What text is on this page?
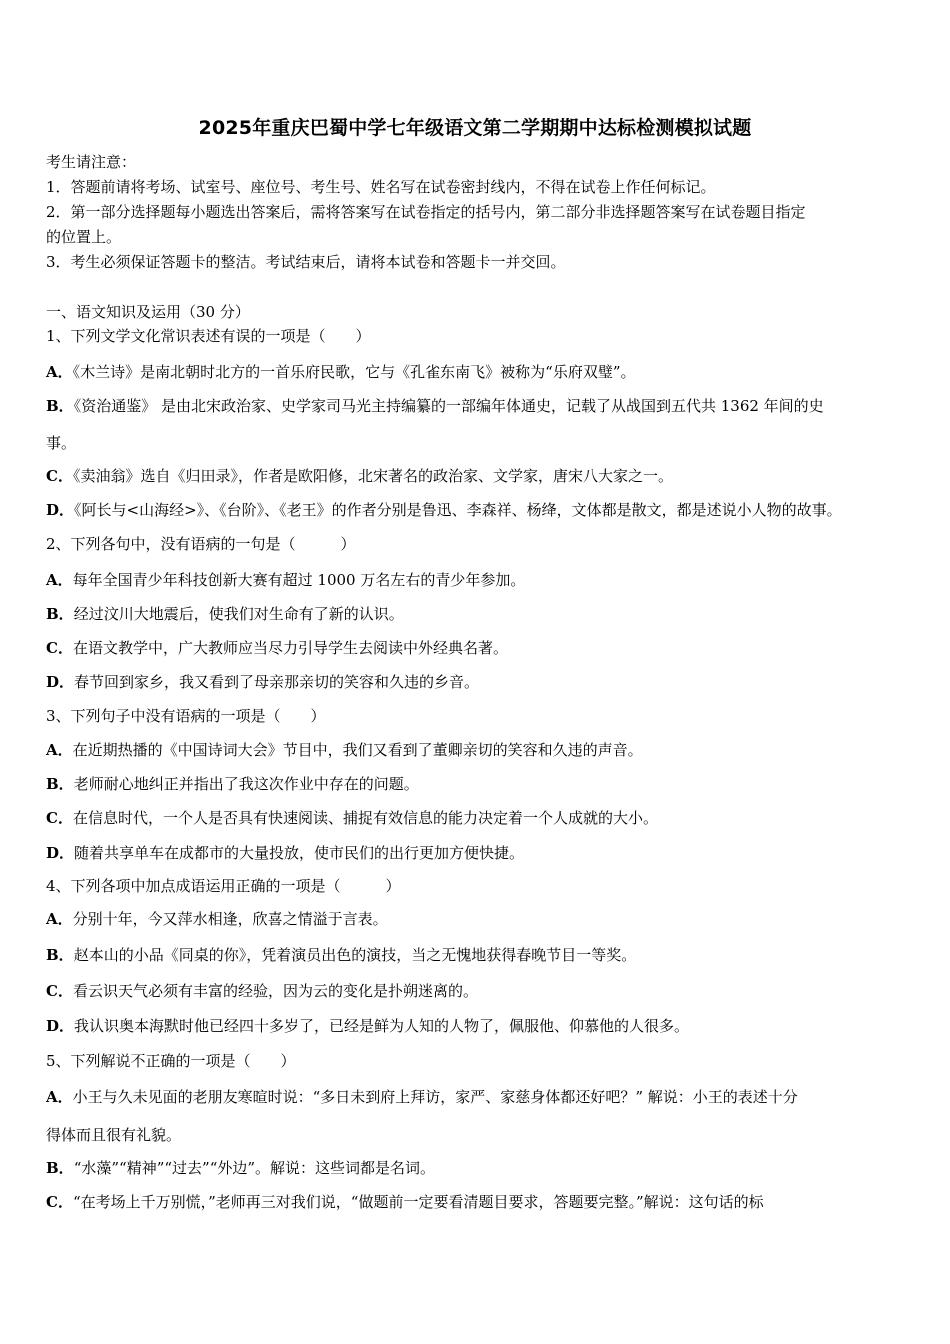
2025年重庆巴蜀中学七年级语文第二学期期中达标检测模拟试题
考生请注意：
1．答题前请将考场、试室号、座位号、考生号、姓名写在试卷密封线内，不得在试卷上作任何标记。
2．第一部分选择题每小题选出答案后，需将答案写在试卷指定的括号内，第二部分非选择题答案写在试卷题目指定
的位置上。
3．考生必须保证答题卡的整洁。考试结束后，请将本试卷和答题卡一并交回。
一、语文知识及运用（30 分）
1、下列文学文化常识表述有误的一项是（　　）
A．《木兰诗》是南北朝时北方的一首乐府民歌，它与《孔雀东南飞》被称为“乐府双璧”。
B．《资治通鉴》 是由北宋政治家、史学家司马光主持编纂的一部编年体通史，记载了从战国到五代共 1362 年间的史
事。
C．《卖油翁》选自《归田录》，作者是欧阳修，北宋著名的政治家、文学家，唐宋八大家之一。
D．《阿长与<山海经>》、《台阶》、《老王》的作者分别是鲁迅、李森祥、杨绛，文体都是散文，都是述说小人物的故事。
2、下列各句中，没有语病的一句是（　　　）
A．每年全国青少年科技创新大赛有超过 1000 万名左右的青少年参加。
B．经过汶川大地震后，使我们对生命有了新的认识。
C．在语文教学中，广大教师应当尽力引导学生去阅读中外经典名著。
D．春节回到家乡，我又看到了母亲那亲切的笑容和久违的乡音。
3、下列句子中没有语病的一项是（　　）
A．在近期热播的《中国诗词大会》节目中，我们又看到了董卿亲切的笑容和久违的声音。
B．老师耐心地纠正并指出了我这次作业中存在的问题。
C．在信息时代，一个人是否具有快速阅读、捕捉有效信息的能力决定着一个人成就的大小。
D．随着共享单车在成都市的大量投放，使市民们的出行更加方便快捷。
4、下列各项中加点成语运用正确的一项是（　　　）
A．分别十年，今又萍水相逢，欣喜之情溢于言表。
B．赵本山的小品《同桌的你》，凭着演员出色的演技，当之无愧地获得春晚节目一等奖。
C．看云识天气必须有丰富的经验，因为云的变化是扑朔迷离的。
D．我认识奥本海默时他已经四十多岁了，已经是鲜为人知的人物了，佩服他、仰慕他的人很多。
5、下列解说不正确的一项是（　　）
A．小王与久未见面的老朋友寒暄时说：“多日未到府上拜访，家严、家慈身体都还好吧？” 解说：小王的表述十分
得体而且很有礼貌。
B．“水藻”“精神”“过去”“外边”。解说：这些词都是名词。
C．“在考场上千万别慌，”老师再三对我们说，“做题前一定要看清题目要求，答题要完整。”解说：这句话的标
